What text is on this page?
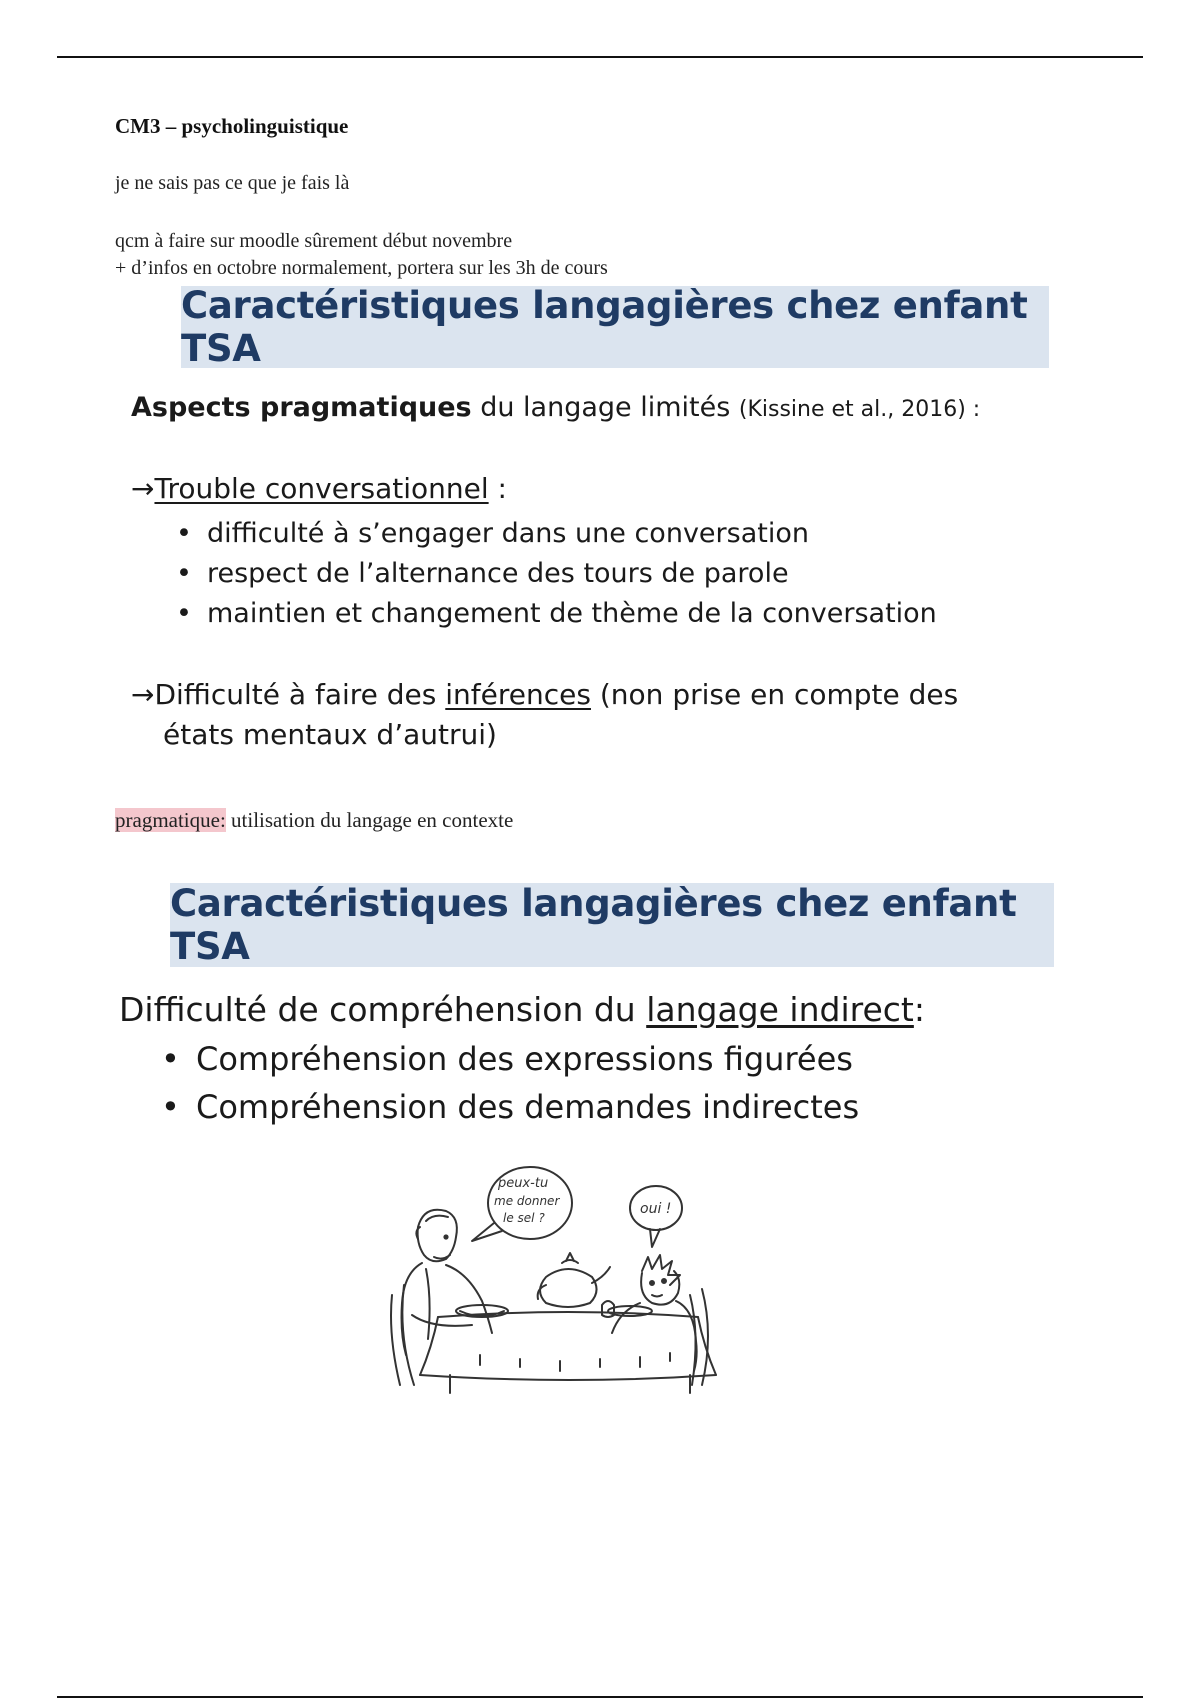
CM3 – psycholinguistique
je ne sais pas ce que je fais là
qcm à faire sur moodle sûrement début novembre
+ d’infos en octobre normalement, portera sur les 3h de cours
Caractéristiques langagières chez enfant TSA
Aspects pragmatiques du langage limités (Kissine et al., 2016) :
→Trouble conversationnel :
• difficulté à s’engager dans une conversation
• respect de l’alternance des tours de parole
• maintien et changement de thème de la conversation
→Difficulté à faire des inférences (non prise en compte des
états mentaux d’autrui)
pragmatique: utilisation du langage en contexte
Caractéristiques langagières chez enfant TSA
Difficulté de compréhension du langage indirect:
• Compréhension des expressions figurées
• Compréhension des demandes indirectes
peux-tu
me donner
le sel ?
oui !
